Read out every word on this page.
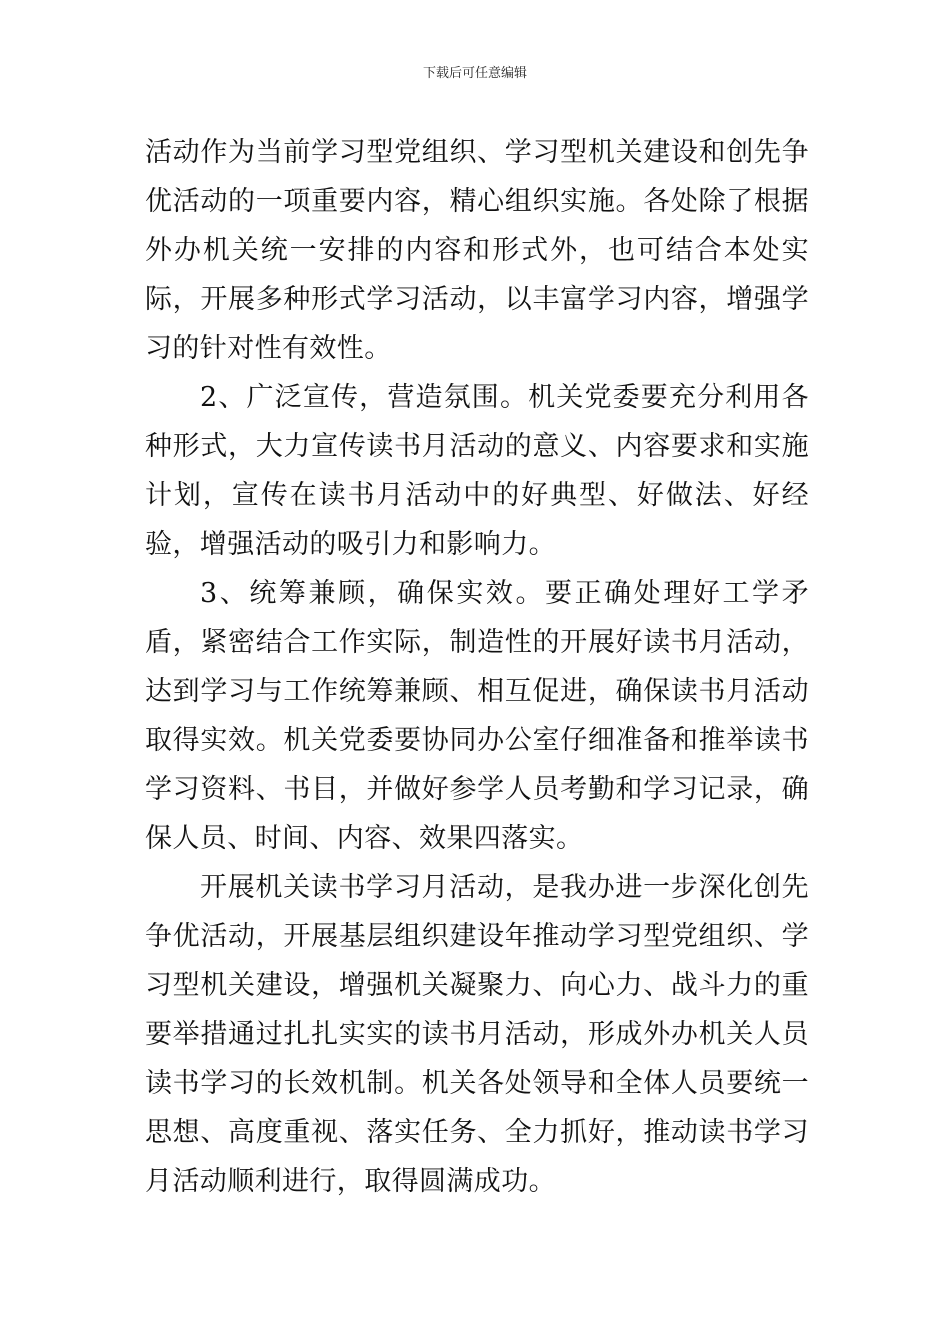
下载后可任意编辑

活动作为当前学习型党组织、学习型机关建设和创先争优活动的一项重要内容，精心组织实施。各处除了根据外办机关统一安排的内容和形式外，也可结合本处实际，开展多种形式学习活动，以丰富学习内容，增强学习的针对性有效性。

2、广泛宣传，营造氛围。机关党委要充分利用各种形式，大力宣传读书月活动的意义、内容要求和实施计划，宣传在读书月活动中的好典型、好做法、好经验，增强活动的吸引力和影响力。

3、统筹兼顾，确保实效。要正确处理好工学矛盾，紧密结合工作实际，制造性的开展好读书月活动，达到学习与工作统筹兼顾、相互促进，确保读书月活动取得实效。机关党委要协同办公室仔细准备和推举读书学习资料、书目，并做好参学人员考勤和学习记录，确保人员、时间、内容、效果四落实。

开展机关读书学习月活动，是我办进一步深化创先争优活动，开展基层组织建设年推动学习型党组织、学习型机关建设，增强机关凝聚力、向心力、战斗力的重要举措通过扎扎实实的读书月活动，形成外办机关人员读书学习的长效机制。机关各处领导和全体人员要统一思想、高度重视、落实任务、全力抓好，推动读书学习月活动顺利进行，取得圆满成功。
